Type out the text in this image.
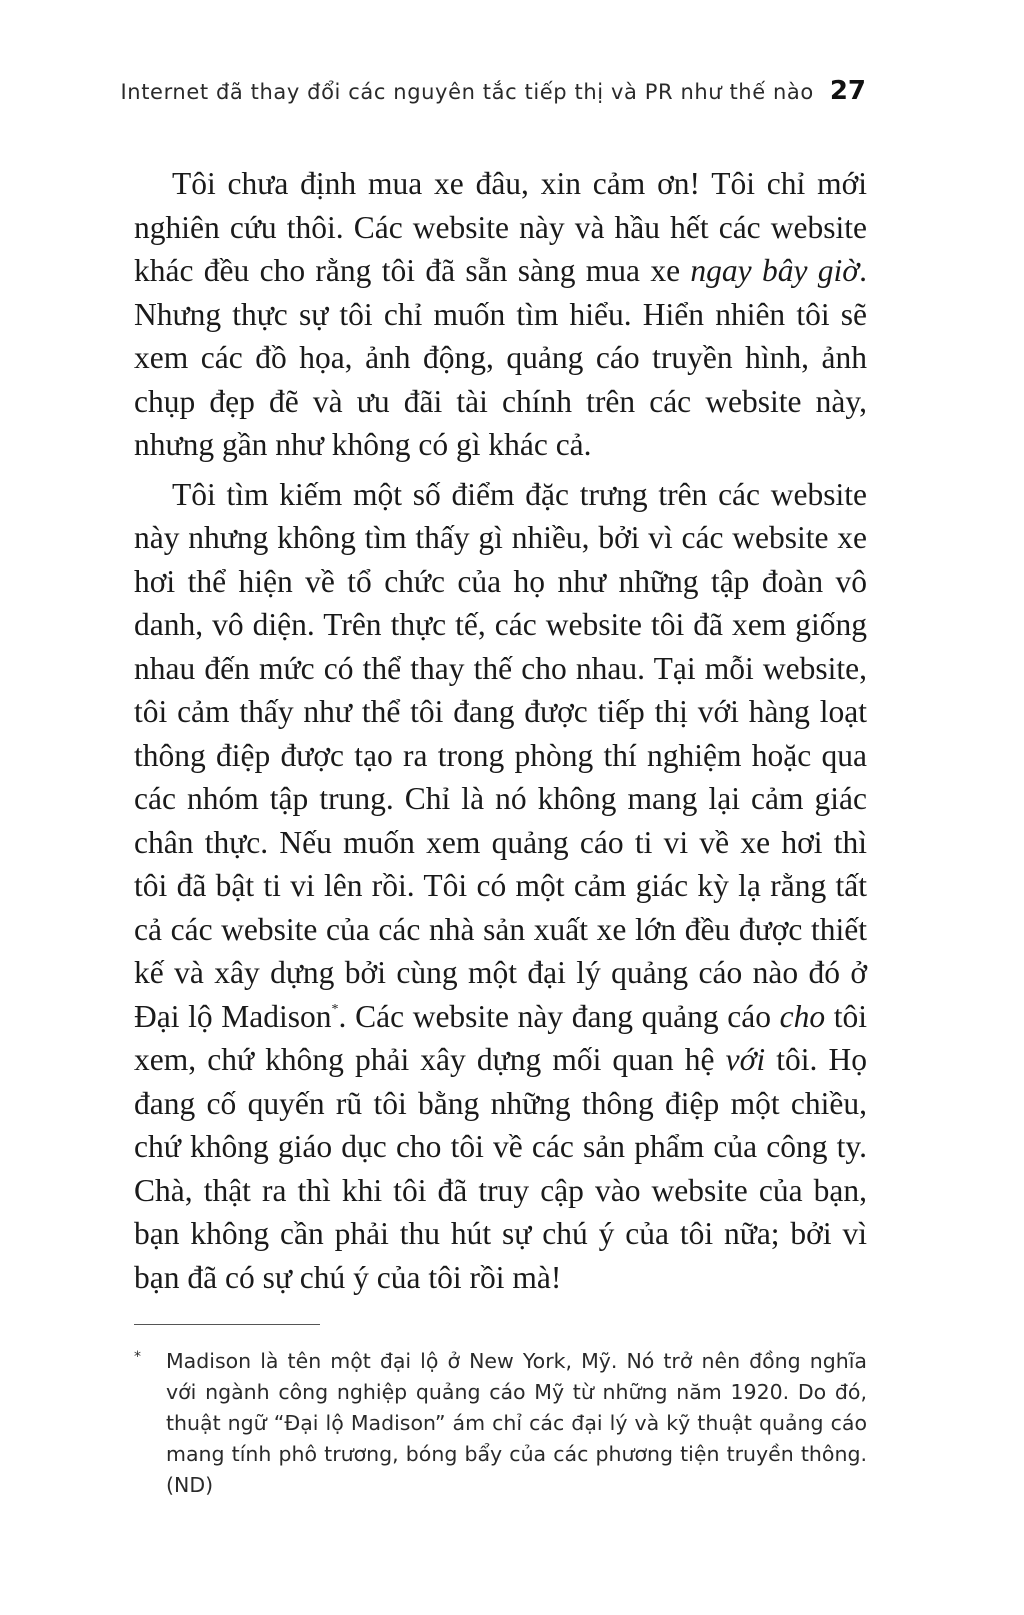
Internet đã thay đổi các nguyên tắc tiếp thị và PR như thế nào 27

Tôi chưa định mua xe đâu, xin cảm ơn! Tôi chỉ mới nghiên cứu thôi. Các website này và hầu hết các website khác đều cho rằng tôi đã sẵn sàng mua xe ngay bây giờ. Nhưng thực sự tôi chỉ muốn tìm hiểu. Hiển nhiên tôi sẽ xem các đồ họa, ảnh động, quảng cáo truyền hình, ảnh chụp đẹp đẽ và ưu đãi tài chính trên các website này, nhưng gần như không có gì khác cả.

Tôi tìm kiếm một số điểm đặc trưng trên các website này nhưng không tìm thấy gì nhiều, bởi vì các website xe hơi thể hiện về tổ chức của họ như những tập đoàn vô danh, vô diện. Trên thực tế, các website tôi đã xem giống nhau đến mức có thể thay thế cho nhau. Tại mỗi website, tôi cảm thấy như thể tôi đang được tiếp thị với hàng loạt thông điệp được tạo ra trong phòng thí nghiệm hoặc qua các nhóm tập trung. Chỉ là nó không mang lại cảm giác chân thực. Nếu muốn xem quảng cáo ti vi về xe hơi thì tôi đã bật ti vi lên rồi. Tôi có một cảm giác kỳ lạ rằng tất cả các website của các nhà sản xuất xe lớn đều được thiết kế và xây dựng bởi cùng một đại lý quảng cáo nào đó ở Đại lộ Madison*. Các website này đang quảng cáo cho tôi xem, chứ không phải xây dựng mối quan hệ với tôi. Họ đang cố quyến rũ tôi bằng những thông điệp một chiều, chứ không giáo dục cho tôi về các sản phẩm của công ty. Chà, thật ra thì khi tôi đã truy cập vào website của bạn, bạn không cần phải thu hút sự chú ý của tôi nữa; bởi vì bạn đã có sự chú ý của tôi rồi mà!

* Madison là tên một đại lộ ở New York, Mỹ. Nó trở nên đồng nghĩa với ngành công nghiệp quảng cáo Mỹ từ những năm 1920. Do đó, thuật ngữ “Đại lộ Madison” ám chỉ các đại lý và kỹ thuật quảng cáo mang tính phô trương, bóng bẩy của các phương tiện truyền thông. (ND)
